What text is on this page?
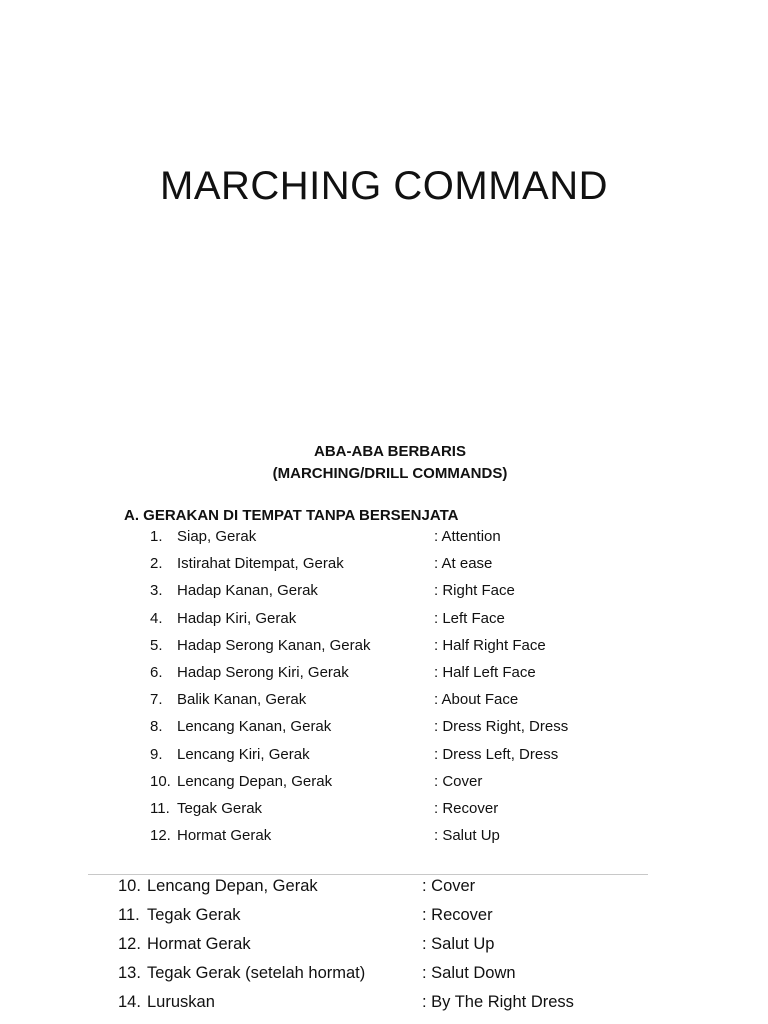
MARCHING COMMAND
ABA-ABA BERBARIS
(MARCHING/DRILL COMMANDS)
A. GERAKAN DI TEMPAT TANPA BERSENJATA
1. Siap, Gerak	: Attention
2. Istirahat Ditempat, Gerak	: At ease
3. Hadap Kanan, Gerak	: Right Face
4. Hadap Kiri, Gerak	: Left Face
5. Hadap Serong Kanan, Gerak	: Half Right Face
6. Hadap Serong Kiri, Gerak	: Half Left Face
7. Balik Kanan, Gerak	: About Face
8. Lencang Kanan, Gerak	: Dress Right, Dress
9. Lencang Kiri, Gerak	: Dress Left, Dress
10. Lencang Depan, Gerak	: Cover
11. Tegak Gerak	: Recover
12. Hormat Gerak	: Salut Up
10. Lencang Depan, Gerak	: Cover
11. Tegak Gerak	: Recover
12. Hormat Gerak	: Salut Up
13. Tegak Gerak (setelah hormat)	: Salut Down
14. Luruskan	: By The Right Dress
